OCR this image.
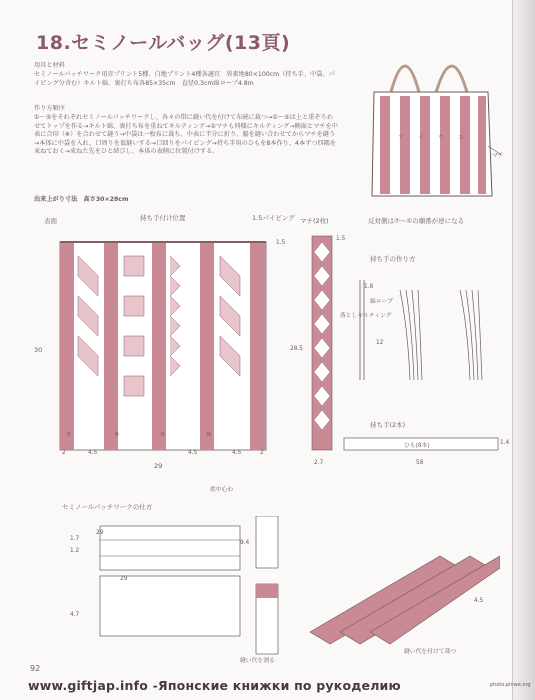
18.セミノールバッグ(13頁)
用具と材料
セミノールパッチワーク用赤プリント5種、白地プリント4種各適宜　異素地80×100cm（持ち手、中袋、パイピング分含む）キルト綿、裏打ち布各85×35cm　直径0.3cm綿ロープ4.8m
作り方順序
①〜⑤をそれぞれセミノールパッチワークし、各々の帯に縫い代を付けて布続に裁つ→①〜⑤は上と重ぞろわせてトップを作る→キルト綿、裏打ち布を重ねてキルティング→②マチも同様にキルティング→側面とマチを中表に合印（※）を合わせて縫う→中袋は一枚布に裁ち、中表に半分に折り、脇を縫い合わせてからマチを縫う→本体に中袋を入れ、口周りを仮縫いする→口回りをパイピング→持ち手用のひもを8本作り、4本ずつ四隅を束ねておく→束ねた先をひと結びし、本体の表側に位置付けする。
出来上がり寸法　高さ30×28cm
ア イ ウ エ
マチ
表面	持ち手付け位置	1.5パイピング
30
29
2	4.5	4.5	4.5	2
1.5
底中心わ
⑦	⑧	⑨	⑩
マチ(2枚)
28.5
2.7
1.5
落としキルティング
反対側は⑦〜①の順番が逆になる
持ち手の作り方
1.8
綿ロープ
12
持ち手(2本)
ひも(8本)
58
1.4
セミノールパッチワークの仕方
29
1.7
1.2
9.4
4.7
29
4.5
縫い代を割る
縫い代を付けて裁つ
92
www.giftjap.info -Японские книжки по рукоделию	photo.pinwe.org
